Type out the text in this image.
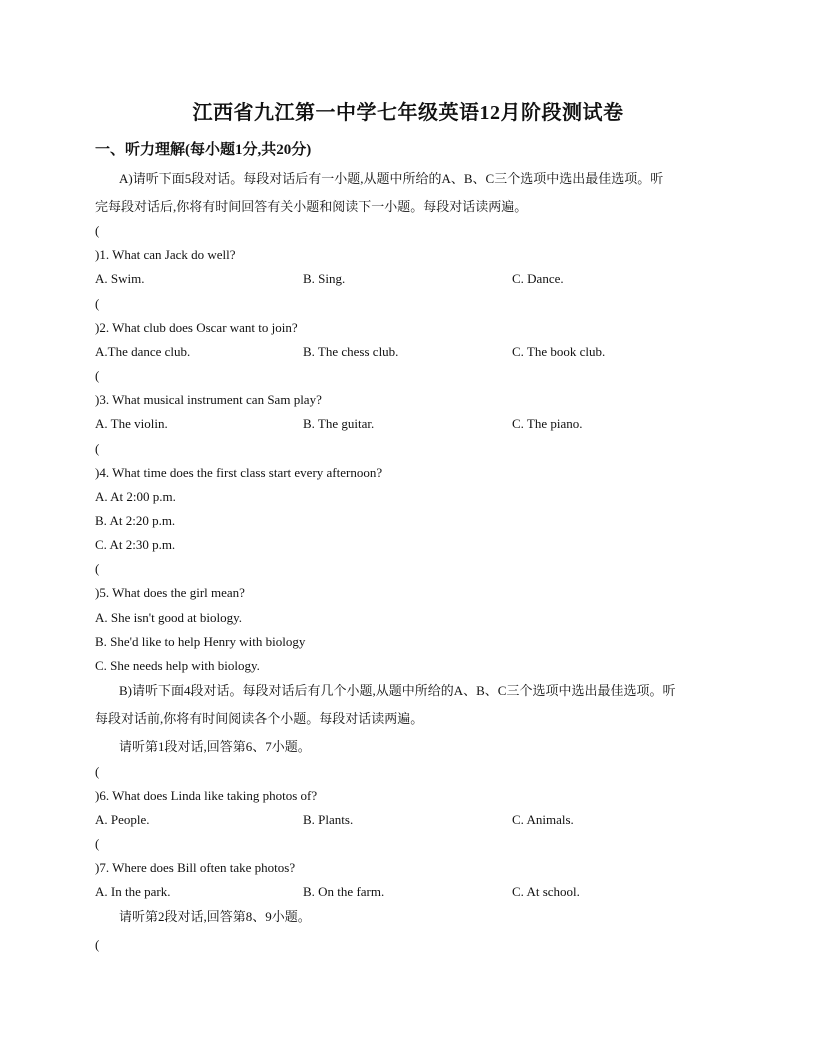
江西省九江第一中学七年级英语12月阶段测试卷
一、听力理解(每小题1分,共20分)
A)请听下面5段对话。每段对话后有一小题,从题中所给的A、B、C三个选项中选出最佳选项。听
完每段对话后,你将有时间回答有关小题和阅读下一小题。每段对话读两遍。
(
)1. What can Jack do well?
A. Swim.	B. Sing.	C. Dance.
(
)2. What club does Oscar want to join?
A.The dance club.	B. The chess club.	C. The book club.
(
)3. What musical instrument can Sam play?
A. The violin.	B. The guitar.	C. The piano.
(
)4. What time does the first class start every afternoon?
A. At 2:00 p.m.
B. At 2:20 p.m.
C. At 2:30 p.m.
(
)5. What does the girl mean?
A. She isn't good at biology.
B. She'd like to help Henry with biology
C. She needs help with biology.
B)请听下面4段对话。每段对话后有几个小题,从题中所给的A、B、C三个选项中选出最佳选项。听
每段对话前,你将有时间阅读各个小题。每段对话读两遍。
请听第1段对话,回答第6、7小题。
(
)6. What does Linda like taking photos of?
A. People.	B. Plants.	C. Animals.
(
)7. Where does Bill often take photos?
A. In the park.	B. On the farm.	C. At school.
请听第2段对话,回答第8、9小题。
(
